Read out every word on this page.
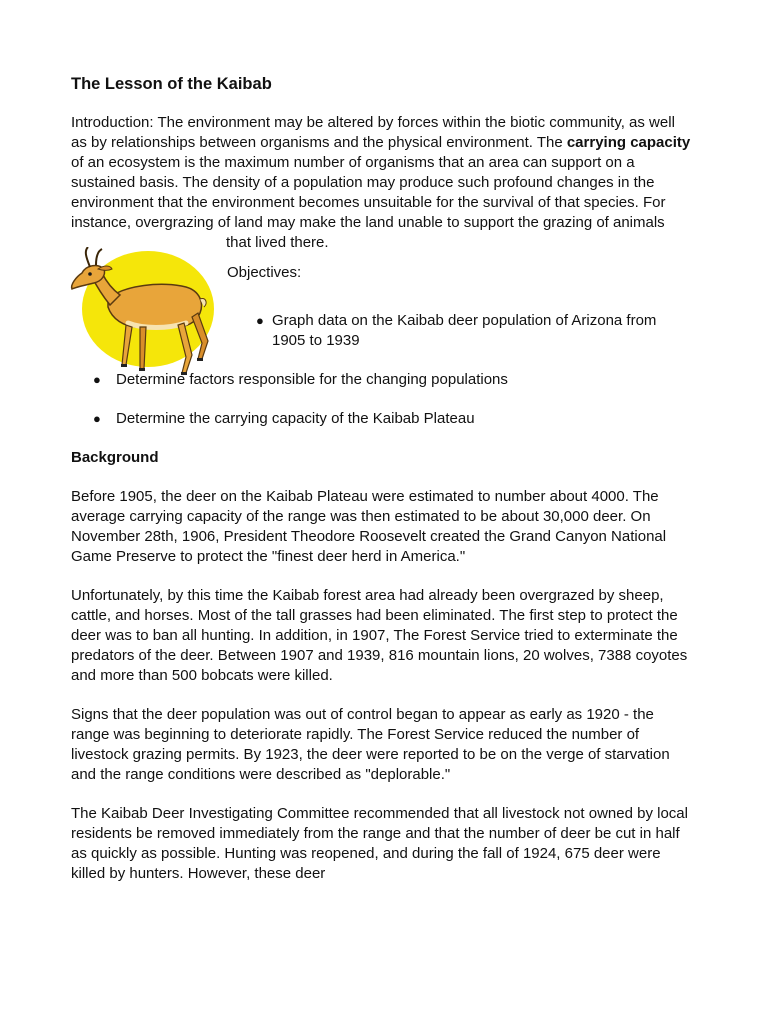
The Lesson of the Kaibab

Introduction: The environment may be altered by forces within the biotic community, as well as by relationships between organisms and the physical environment. The carrying capacity of an ecosystem is the maximum number of organisms that an area can support on a sustained basis. The density of a population may produce such profound changes in the environment that the environment becomes unsuitable for the survival of that species. For instance, overgrazing of land may make the land unable to support the grazing of animals

that lived there.

Objectives:
● Graph data on the Kaibab deer population of Arizona from 1905 to 1939
● Determine factors responsible for the changing populations
● Determine the carrying capacity of the Kaibab Plateau
Background

Before 1905, the deer on the Kaibab Plateau were estimated to number about 4000. The average carrying capacity of the range was then estimated to be about 30,000 deer. On November 28th, 1906, President Theodore Roosevelt created the Grand Canyon National Game Preserve to protect the "finest deer herd in America."

Unfortunately, by this time the Kaibab forest area had already been overgrazed by sheep, cattle, and horses. Most of the tall grasses had been eliminated. The first step to protect the deer was to ban all hunting. In addition, in 1907, The Forest Service tried to exterminate the predators of the deer. Between 1907 and 1939, 816 mountain lions, 20 wolves, 7388 coyotes and more than 500 bobcats were killed.

Signs that the deer population was out of control began to appear as early as 1920 - the range was beginning to deteriorate rapidly. The Forest Service reduced the number of livestock grazing permits. By 1923, the deer were reported to be on the verge of starvation and the range conditions were described as "deplorable."

The Kaibab Deer Investigating Committee recommended that all livestock not owned by local residents be removed immediately from the range and that the number of deer be cut in half as quickly as possible. Hunting was reopened, and during the fall of 1924, 675 deer were killed by hunters. However, these deer
